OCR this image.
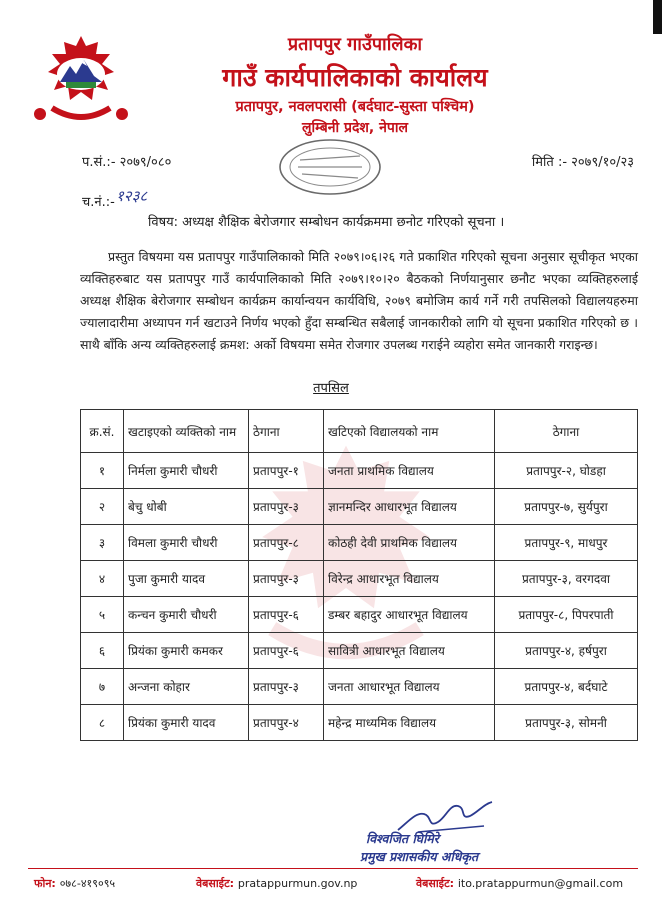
प्रतापपुर गाउँपालिका
गाउँ कार्यपालिकाको कार्यालय
प्रतापपुर, नवलपरासी (बर्दघाट-सुस्ता पश्चिम)
लुम्बिनी प्रदेश, नेपाल
प.सं.:- २०७९/०८०	मिति :- २०७९/१०/२३
च.नं.:- १२३८
विषय: अध्यक्ष शैक्षिक बेरोजगार सम्बोधन कार्यक्रममा छनोट गरिएको सूचना ।

प्रस्तुत विषयमा यस प्रतापपुर गाउँपालिकाको मिति २०७९।०६।२६ गते प्रकाशित गरिएको सूचना अनुसार सूचीकृत भएका व्यक्तिहरुबाट यस प्रतापपुर गाउँ कार्यपालिकाको मिति २०७९।१०।२० बैठकको निर्णयानुसार छनौट भएका व्यक्तिहरुलाई अध्यक्ष शैक्षिक बेरोजगार सम्बोधन कार्यक्रम कार्यान्वयन कार्यविधि, २०७९ बमोजिम कार्य गर्ने गरी तपसिलको विद्यालयहरुमा ज्यालादारीमा अध्यापन गर्न खटाउने निर्णय भएको हुँदा सम्बन्धित सबैलाई जानकारीको लागि यो सूचना प्रकाशित गरिएको छ । साथै बाँकि अन्य व्यक्तिहरुलाई क्रमश: अर्को विषयमा समेत रोजगार उपलब्ध गराईने व्यहोरा समेत जानकारी गराइन्छ।

तपसिल
क्र.सं.	खटाइएको व्यक्तिको नाम	ठेगाना	खटिएको विद्यालयको नाम	ठेगाना
१	निर्मला कुमारी चौधरी	प्रतापपुर-१	जनता प्राथमिक विद्यालय	प्रतापपुर-२, घोडहा
२	बेचु धोबी	प्रतापपुर-३	ज्ञानमन्दिर आधारभूत विद्यालय	प्रतापपुर-७, सुर्यपुरा
३	विमला कुमारी चौधरी	प्रतापपुर-८	कोठही देवी प्राथमिक विद्यालय	प्रतापपुर-९, माधपुर
४	पुजा कुमारी यादव	प्रतापपुर-३	विरेन्द्र आधारभूत विद्यालय	प्रतापपुर-३, वरगदवा
५	कन्चन कुमारी चौधरी	प्रतापपुर-६	डम्बर बहादुर आधारभूत विद्यालय	प्रतापपुर-८, पिपरपाती
६	प्रियंका कुमारी कमकर	प्रतापपुर-६	सावित्री आधारभूत विद्यालय	प्रतापपुर-४, हर्षपुरा
७	अन्जना कोहार	प्रतापपुर-३	जनता आधारभूत विद्यालय	प्रतापपुर-४, बर्दघाटे
८	प्रियंका कुमारी यादव	प्रतापपुर-४	महेन्द्र माध्यमिक विद्यालय	प्रतापपुर-३, सोमनी
विश्वजित घिमिरे
प्रमुख प्रशासकीय अधिकृत
फोन: ०७८-४१९०९५	वेबसाईट: pratappurmun.gov.np	वेबसाईट: ito.pratappurmun@gmail.com
